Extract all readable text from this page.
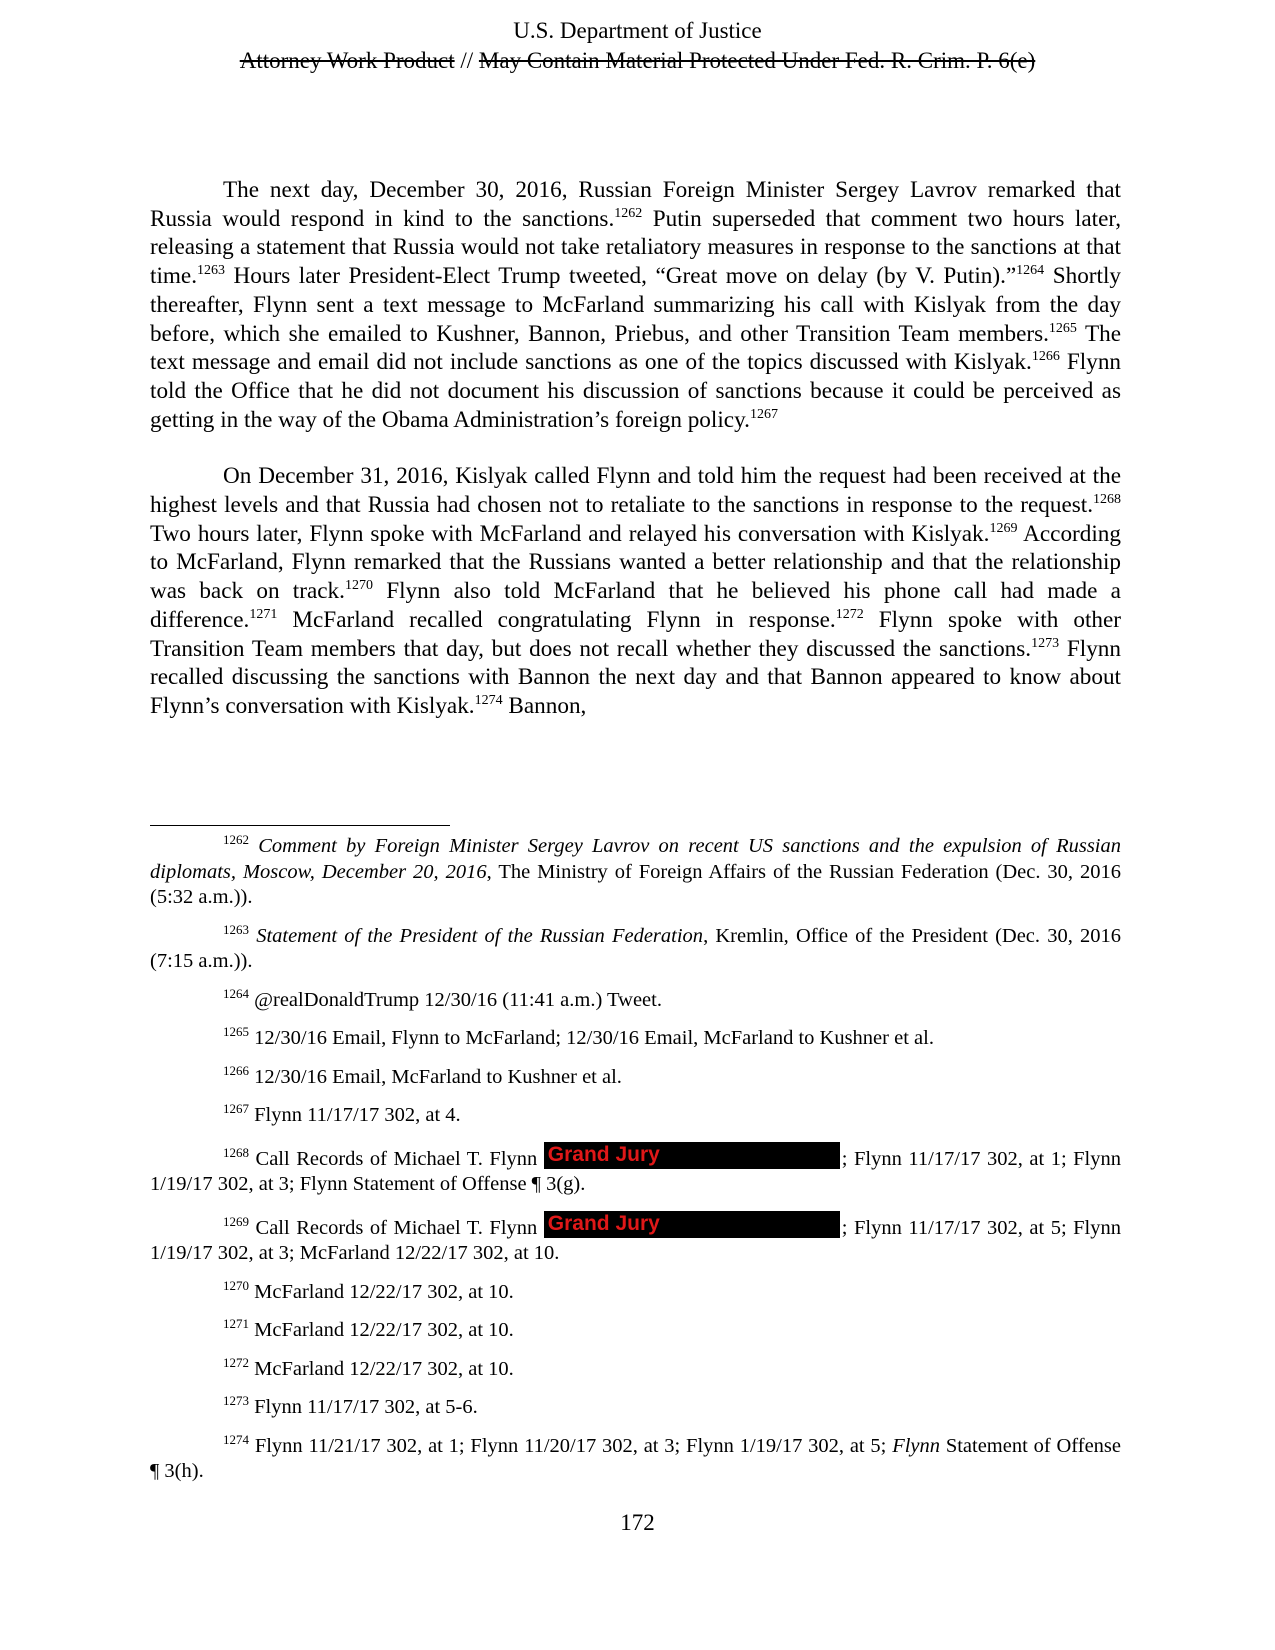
U.S. Department of Justice
Attorney Work Product // May Contain Material Protected Under Fed. R. Crim. P. 6(e)

The next day, December 30, 2016, Russian Foreign Minister Sergey Lavrov remarked that Russia would respond in kind to the sanctions.$^{1262}$ Putin superseded that comment two hours later, releasing a statement that Russia would not take retaliatory measures in response to the sanctions at that time.$^{1263}$ Hours later President-Elect Trump tweeted, “Great move on delay (by V. Putin).”$^{1264}$ Shortly thereafter, Flynn sent a text message to McFarland summarizing his call with Kislyak from the day before, which she emailed to Kushner, Bannon, Priebus, and other Transition Team members.$^{1265}$ The text message and email did not include sanctions as one of the topics discussed with Kislyak.$^{1266}$ Flynn told the Office that he did not document his discussion of sanctions because it could be perceived as getting in the way of the Obama Administration’s foreign policy.$^{1267}$

On December 31, 2016, Kislyak called Flynn and told him the request had been received at the highest levels and that Russia had chosen not to retaliate to the sanctions in response to the request.$^{1268}$ Two hours later, Flynn spoke with McFarland and relayed his conversation with Kislyak.$^{1269}$ According to McFarland, Flynn remarked that the Russians wanted a better relationship and that the relationship was back on track.$^{1270}$ Flynn also told McFarland that he believed his phone call had made a difference.$^{1271}$ McFarland recalled congratulating Flynn in response.$^{1272}$ Flynn spoke with other Transition Team members that day, but does not recall whether they discussed the sanctions.$^{1273}$ Flynn recalled discussing the sanctions with Bannon the next day and that Bannon appeared to know about Flynn’s conversation with Kislyak.$^{1274}$ Bannon,

$^{1262}$ Comment by Foreign Minister Sergey Lavrov on recent US sanctions and the expulsion of Russian diplomats, Moscow, December 20, 2016, The Ministry of Foreign Affairs of the Russian Federation (Dec. 30, 2016 (5:32 a.m.)).
$^{1263}$ Statement of the President of the Russian Federation, Kremlin, Office of the President (Dec. 30, 2016 (7:15 a.m.)).
$^{1264}$ @realDonaldTrump 12/30/16 (11:41 a.m.) Tweet.
$^{1265}$ 12/30/16 Email, Flynn to McFarland; 12/30/16 Email, McFarland to Kushner et al.
$^{1266}$ 12/30/16 Email, McFarland to Kushner et al.
$^{1267}$ Flynn 11/17/17 302, at 4.
$^{1268}$ Call Records of Michael T. Flynn Grand Jury	; Flynn 11/17/17 302, at 1; Flynn 1/19/17 302, at 3; Flynn Statement of Offense ¶ 3(g).
$^{1269}$ Call Records of Michael T. Flynn Grand Jury	; Flynn 11/17/17 302, at 5; Flynn 1/19/17 302, at 3; McFarland 12/22/17 302, at 10.
$^{1270}$ McFarland 12/22/17 302, at 10.
$^{1271}$ McFarland 12/22/17 302, at 10.
$^{1272}$ McFarland 12/22/17 302, at 10.
$^{1273}$ Flynn 11/17/17 302, at 5-6.
$^{1274}$ Flynn 11/21/17 302, at 1; Flynn 11/20/17 302, at 3; Flynn 1/19/17 302, at 5; Flynn Statement of Offense ¶ 3(h).
172
